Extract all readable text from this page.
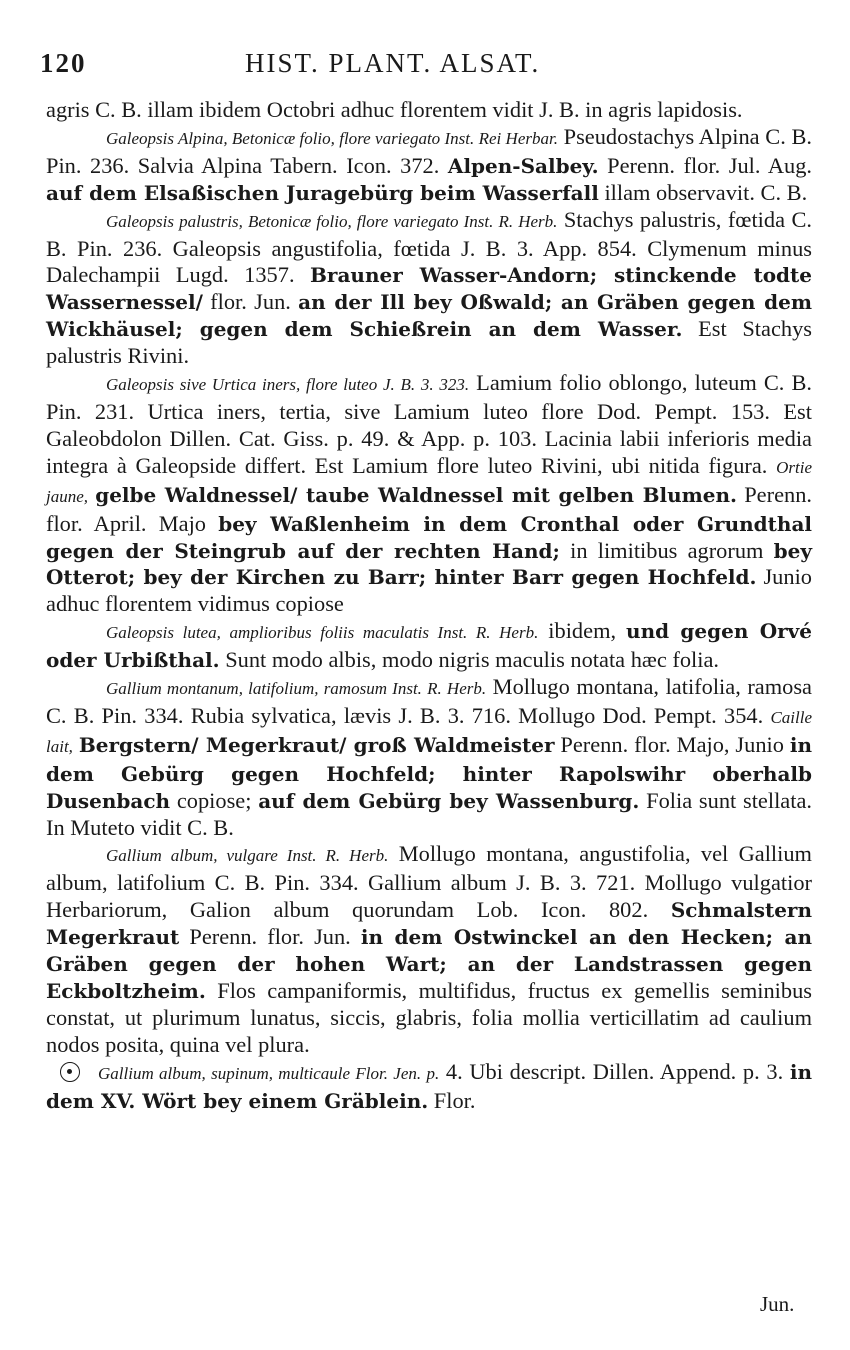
120	HIST. PLANT. ALSAT.

agris C. B. illam ibidem Octobri adhuc florentem vidit J. B. in agris lapidosis.

Galeopsis Alpina, Betonicæ folio, flore variegato Inst. Rei Herbar. Pseudostachys Alpina C. B. Pin. 236. Salvia Alpina Tabern. Icon. 372. Alpen-Salbey. Perenn. flor. Jul. Aug. auf dem Elsaßischen Juragebürg beim Wasserfall illam observavit. C. B.

Galeopsis palustris, Betonicæ folio, flore variegato Inst. R. Herb. Stachys palustris, fœtida C. B. Pin. 236. Galeopsis angustifolia, fœtida J. B. 3. App. 854. Clymenum minus Dalechampii Lugd. 1357. Brauner Wasser-Andorn; stinckende todte Wassernessel/ flor. Jun. an der Ill bey Oßwald; an Gräben gegen dem Wickhäusel; gegen dem Schießrein an dem Wasser. Est Stachys palustris Rivini.

Galeopsis sive Urtica iners, flore luteo J. B. 3. 323. Lamium folio oblongo, luteum C. B. Pin. 231. Urtica iners, tertia, sive Lamium luteo flore Dod. Pempt. 153. Est Galeobdolon Dillen. Cat. Giss. p. 49. & App. p. 103. Lacinia labii inferioris media integra à Galeopside differt. Est Lamium flore luteo Rivini, ubi nitida figura. Ortie jaune, gelbe Waldnessel/ taube Waldnessel mit gelben Blumen. Perenn. flor. April. Majo bey Waßlenheim in dem Cronthal oder Grundthal gegen der Steingrub auf der rechten Hand; in limitibus agrorum bey Otterot; bey der Kirchen zu Barr; hinter Barr gegen Hochfeld. Junio adhuc florentem vidimus copiose

Galeopsis lutea, amplioribus foliis maculatis Inst. R. Herb. ibidem, und gegen Orvé oder Urbißthal. Sunt modo albis, modo nigris maculis notata hæc folia.

Gallium montanum, latifolium, ramosum Inst. R. Herb. Mollugo montana, latifolia, ramosa C. B. Pin. 334. Rubia sylvatica, lævis J. B. 3. 716. Mollugo Dod. Pempt. 354. Caille lait, Bergstern/ Megerkraut/ groß Waldmeister Perenn. flor. Majo, Junio in dem Gebürg gegen Hochfeld; hinter Rapolswihr oberhalb Dusenbach copiose; auf dem Gebürg bey Wassenburg. Folia sunt stellata. In Muteto vidit C. B.

Gallium album, vulgare Inst. R. Herb. Mollugo montana, angustifolia, vel Gallium album, latifolium C. B. Pin. 334. Gallium album J. B. 3. 721. Mollugo vulgatior Herbariorum, Galion album quorundam Lob. Icon. 802. Schmalstern Megerkraut Perenn. flor. Jun. in dem Ostwinckel an den Hecken; an Gräben gegen der hohen Wart; an der Landstrassen gegen Eckboltzheim. Flos campaniformis, multifidus, fructus ex gemellis seminibus constat, ut plurimum lunatus, siccis, glabris, folia mollia verticillatim ad caulium nodos posita, quina vel plura.

Gallium album, supinum, multicaule Flor. Jen. p. 4. Ubi descript. Dillen. Append. p. 3. in dem XV. Wört bey einem Gräblein. Flor.

Jun.
